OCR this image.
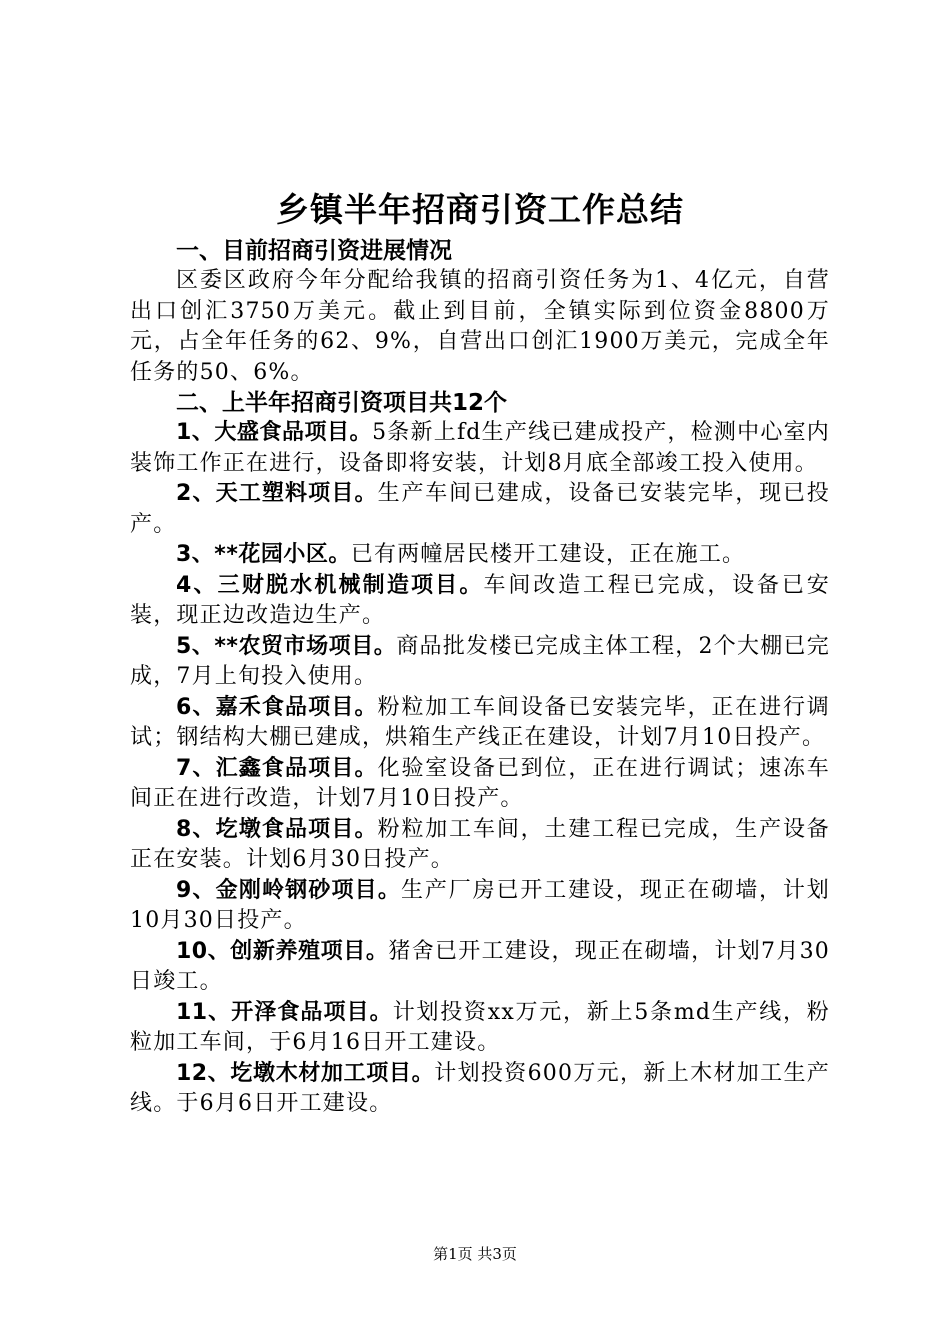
乡镇半年招商引资工作总结

一、目前招商引资进展情况

区委区政府今年分配给我镇的招商引资任务为1、4亿元，自营出口创汇3750万美元。截止到目前，全镇实际到位资金8800万元，占全年任务的62、9%，自营出口创汇1900万美元，完成全年任务的50、6%。

二、上半年招商引资项目共12个

1、大盛食品项目。5条新上fd生产线已建成投产，检测中心室内装饰工作正在进行，设备即将安装，计划8月底全部竣工投入使用。

2、天工塑料项目。生产车间已建成，设备已安装完毕，现已投产。

3、**花园小区。已有两幢居民楼开工建设，正在施工。

4、三财脱水机械制造项目。车间改造工程已完成，设备已安装，现正边改造边生产。

5、**农贸市场项目。商品批发楼已完成主体工程，2个大棚已完成，7月上旬投入使用。

6、嘉禾食品项目。粉粒加工车间设备已安装完毕，正在进行调试；钢结构大棚已建成，烘箱生产线正在建设，计划7月10日投产。

7、汇鑫食品项目。化验室设备已到位，正在进行调试；速冻车间正在进行改造，计划7月10日投产。

8、圪墩食品项目。粉粒加工车间，土建工程已完成，生产设备正在安装。计划6月30日投产。

9、金刚岭钢砂项目。生产厂房已开工建设，现正在砌墙，计划10月30日投产。

10、创新养殖项目。猪舍已开工建设，现正在砌墙，计划7月30日竣工。

11、开泽食品项目。计划投资xx万元，新上5条md生产线，粉粒加工车间，于6月16日开工建设。

12、圪墩木材加工项目。计划投资600万元，新上木材加工生产线。于6月6日开工建设。

第1页 共3页
